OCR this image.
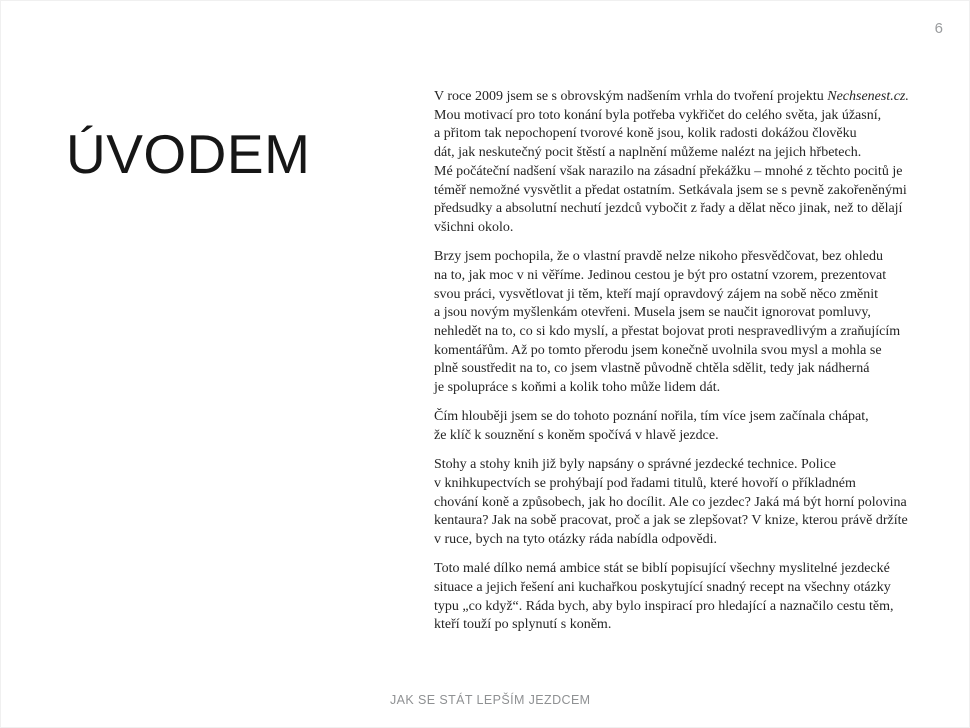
6
ÚVODEM
V roce 2009 jsem se s obrovským nadšením vrhla do tvoření projektu Nechsenest.cz.
Mou motivací pro toto konání byla potřeba vykřičet do celého světa, jak úžasní,
a přitom tak nepochopení tvorové koně jsou, kolik radosti dokážou člověku
dát, jak neskutečný pocit štěstí a naplnění můžeme nalézt na jejich hřbetech.
Mé počáteční nadšení však narazilo na zásadní překážku – mnohé z těchto pocitů je
téměř nemožné vysvětlit a předat ostatním. Setkávala jsem se s pevně zakořeněnými
předsudky a absolutní nechutí jezdců vybočit z řady a dělat něco jinak, než to dělají
všichni okolo.
Brzy jsem pochopila, že o vlastní pravdě nelze nikoho přesvědčovat, bez ohledu
na to, jak moc v ni věříme. Jedinou cestou je být pro ostatní vzorem, prezentovat
svou práci, vysvětlovat ji těm, kteří mají opravdový zájem na sobě něco změnit
a jsou novým myšlenkám otevřeni. Musela jsem se naučit ignorovat pomluvy,
nehledět na to, co si kdo myslí, a přestat bojovat proti nespravedlivým a zraňujícím
komentářům. Až po tomto přerodu jsem konečně uvolnila svou mysl a mohla se
plně soustředit na to, co jsem vlastně původně chtěla sdělit, tedy jak nádherná
je spolupráce s koňmi a kolik toho může lidem dát.
Čím hlouběji jsem se do tohoto poznání nořila, tím více jsem začínala chápat,
že klíč k souznění s koněm spočívá v hlavě jezdce.
Stohy a stohy knih již byly napsány o správné jezdecké technice. Police
v knihkupectvích se prohýbají pod řadami titulů, které hovoří o příkladném
chování koně a způsobech, jak ho docílit. Ale co jezdec? Jaká má být horní polovina
kentaura? Jak na sobě pracovat, proč a jak se zlepšovat? V knize, kterou právě držíte
v ruce, bych na tyto otázky ráda nabídla odpovědi.
Toto malé dílko nemá ambice stát se biblí popisující všechny myslitelné jezdecké
situace a jejich řešení ani kuchařkou poskytující snadný recept na všechny otázky
typu „co když“. Ráda bych, aby bylo inspirací pro hledající a naznačilo cestu těm,
kteří touží po splynutí s koněm.
JAK SE STÁT LEPŠÍM JEZDCEM
